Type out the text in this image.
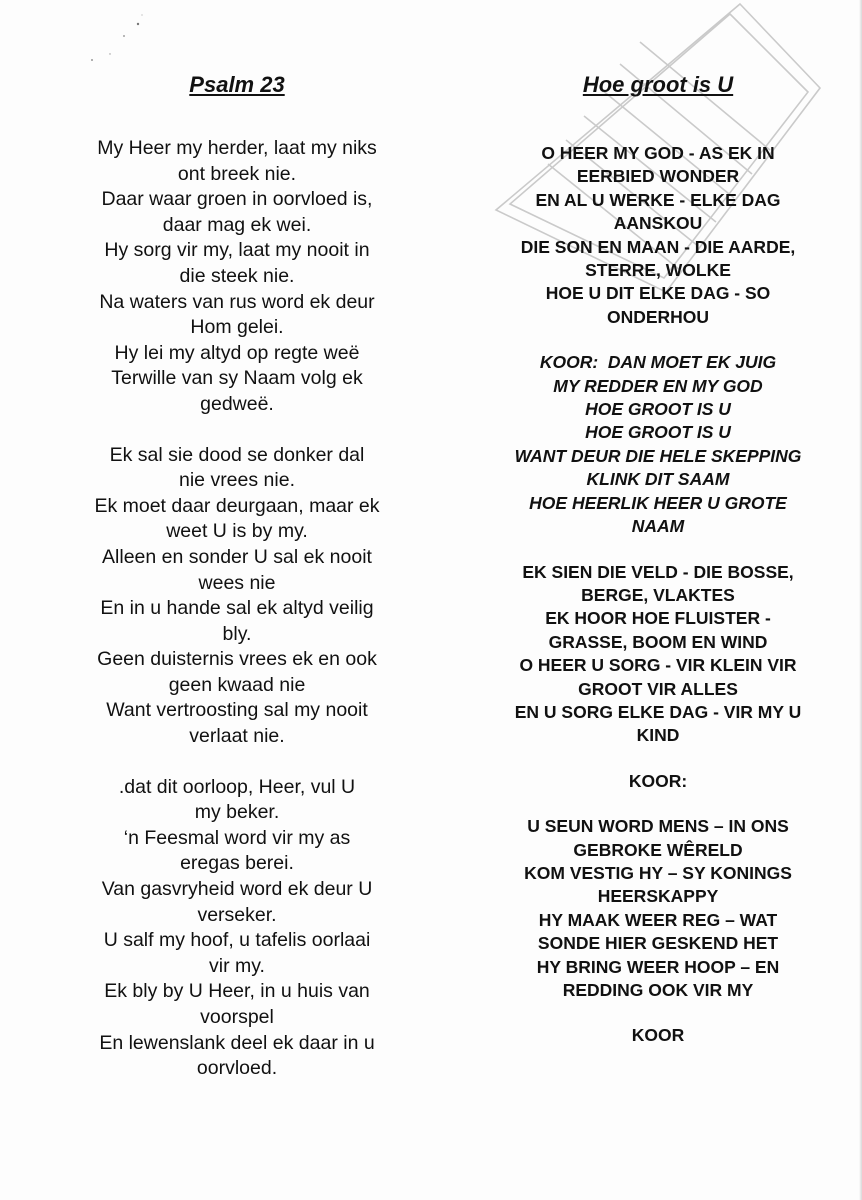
Psalm 23

My Heer my herder, laat my niks
ont breek nie.
Daar waar groen in oorvloed is,
daar mag ek wei.
Hy sorg vir my, laat my nooit in
die steek nie.
Na waters van rus word ek deur
Hom gelei.
Hy lei my altyd op regte weë
Terwille van sy Naam volg ek
gedweë.

Ek sal sie dood se donker dal
nie vrees nie.
Ek moet daar deurgaan, maar ek
weet U is by my.
Alleen en sonder U sal ek nooit
wees nie
En in u hande sal ek altyd veilig
bly.
Geen duisternis vrees ek en ook
geen kwaad nie
Want vertroosting sal my nooit
verlaat nie.

.dat dit oorloop, Heer, vul U
my beker.
‘n Feesmal word vir my as
eregas berei.
Van gasvryheid word ek deur U
verseker.
U salf my hoof, u tafelis oorlaai
vir my.
Ek bly by U Heer, in u huis van
voorspel
En lewenslank deel ek daar in u
oorvloed.

Hoe groot is U

O HEER MY GOD - AS EK IN
EERBIED WONDER
EN AL U WERKE - ELKE DAG
AANSKOU
DIE SON EN MAAN - DIE AARDE,
STERRE, WOLKE
HOE U DIT ELKE DAG - SO
ONDERHOU

KOOR:  DAN MOET EK JUIG
MY REDDER EN MY GOD
HOE GROOT IS U
HOE GROOT IS U
WANT DEUR DIE HELE SKEPPING
KLINK DIT SAAM
HOE HEERLIK HEER U GROTE
NAAM

EK SIEN DIE VELD - DIE BOSSE,
BERGE, VLAKTES
EK HOOR HOE FLUISTER -
GRASSE, BOOM EN WIND
O HEER U SORG - VIR KLEIN VIR
GROOT VIR ALLES
EN U SORG ELKE DAG - VIR MY U
KIND

KOOR:

U SEUN WORD MENS – IN ONS
GEBROKE WÊRELD
KOM VESTIG HY – SY KONINGS
HEERSKAPPY
HY MAAK WEER REG – WAT
SONDE HIER GESKEND HET
HY BRING WEER HOOP – EN
REDDING OOK VIR MY

KOOR
